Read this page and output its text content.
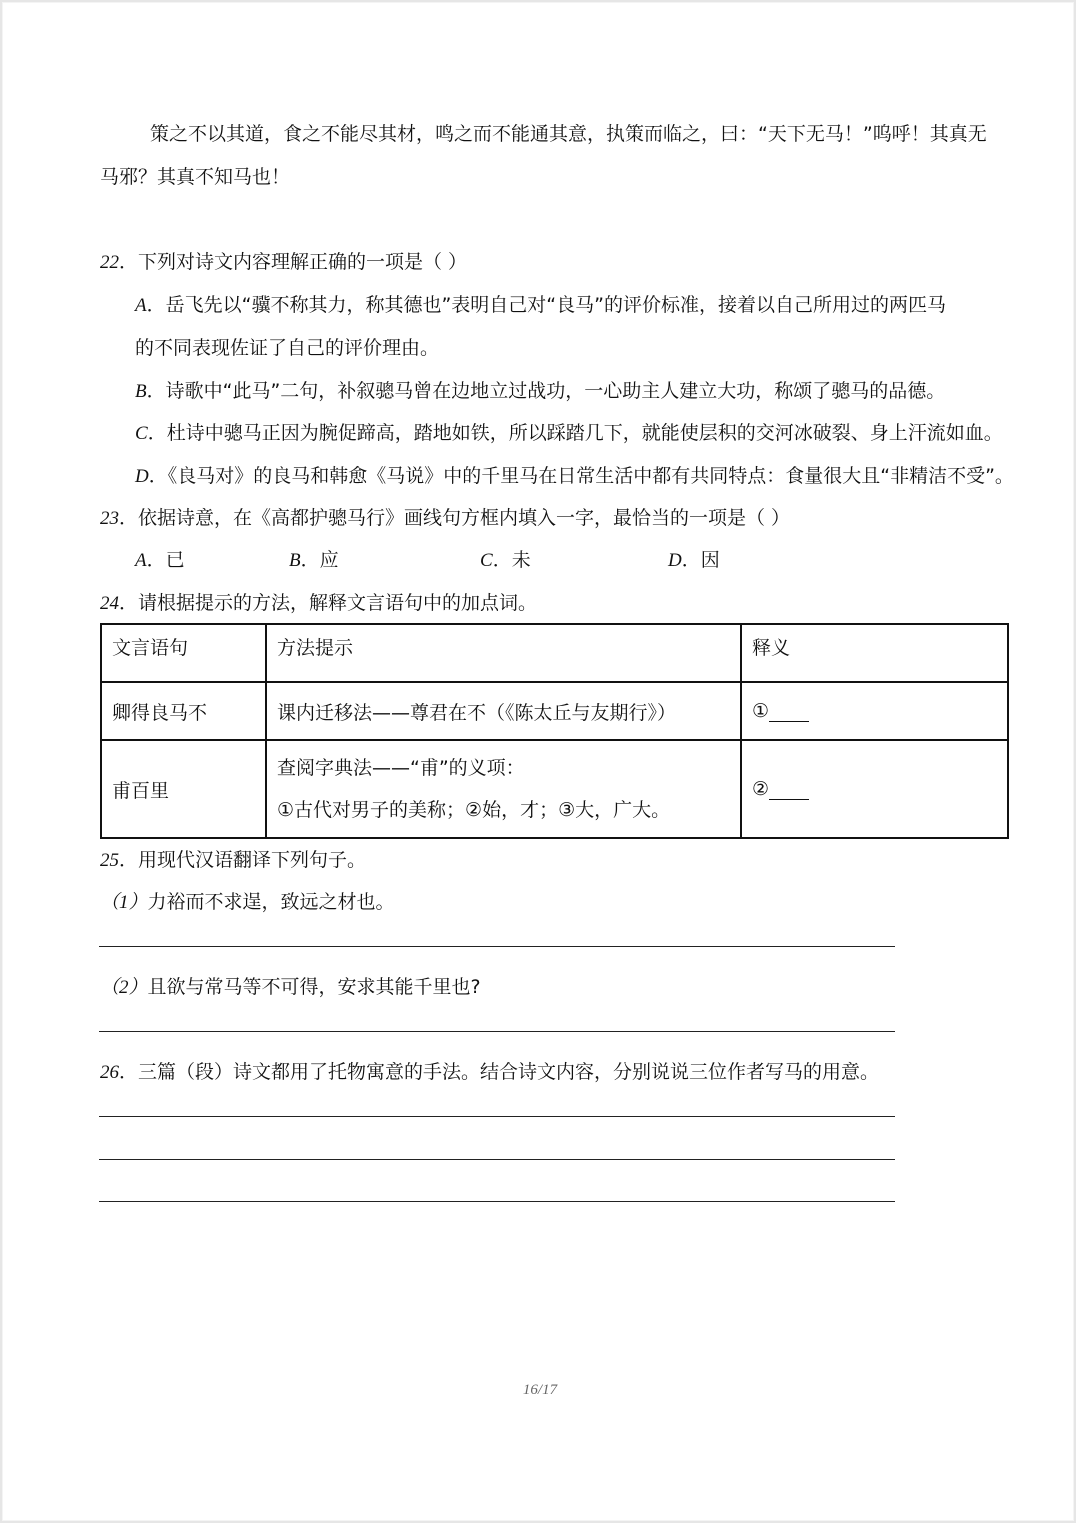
策之不以其道，食之不能尽其材，鸣之而不能通其意，执策而临之，曰：“天下无马！”呜呼！其真无
马邪？其真不知马也！
22．下列对诗文内容理解正确的一项是（ ）
A．岳飞先以“骥不称其力，称其德也”表明自己对“良马”的评价标准，接着以自己所用过的两匹马
的不同表现佐证了自己的评价理由。
B．诗歌中“此马”二句，补叙骢马曾在边地立过战功，一心助主人建立大功，称颂了骢马的品德。
C．杜诗中骢马正因为腕促蹄高，踏地如铁，所以踩踏几下，就能使层积的交河冰破裂、身上汗流如血。
D．《良马对》的良马和韩愈《马说》中的千里马在日常生活中都有共同特点：食量很大且“非精洁不受”。
23．依据诗意，在《高都护骢马行》画线句方框内填入一字，最恰当的一项是（ ）
A．已	B．应	C．未	D．因
24．请根据提示的方法，解释文言语句中的加点词。
文言语句	方法提示	释义
卿得良马不	课内迁移法——尊君在不（《陈太丘与友期行》）	①
甫百里	查阅字典法——“甫”的义项：
①古代对男子的美称；②始，才；③大，广大。	②
25．用现代汉语翻译下列句子。
（1）力裕而不求逞，致远之材也。
（2）且欲与常马等不可得，安求其能千里也?
26．三篇（段）诗文都用了托物寓意的手法。结合诗文内容，分别说说三位作者写马的用意。
16/17
